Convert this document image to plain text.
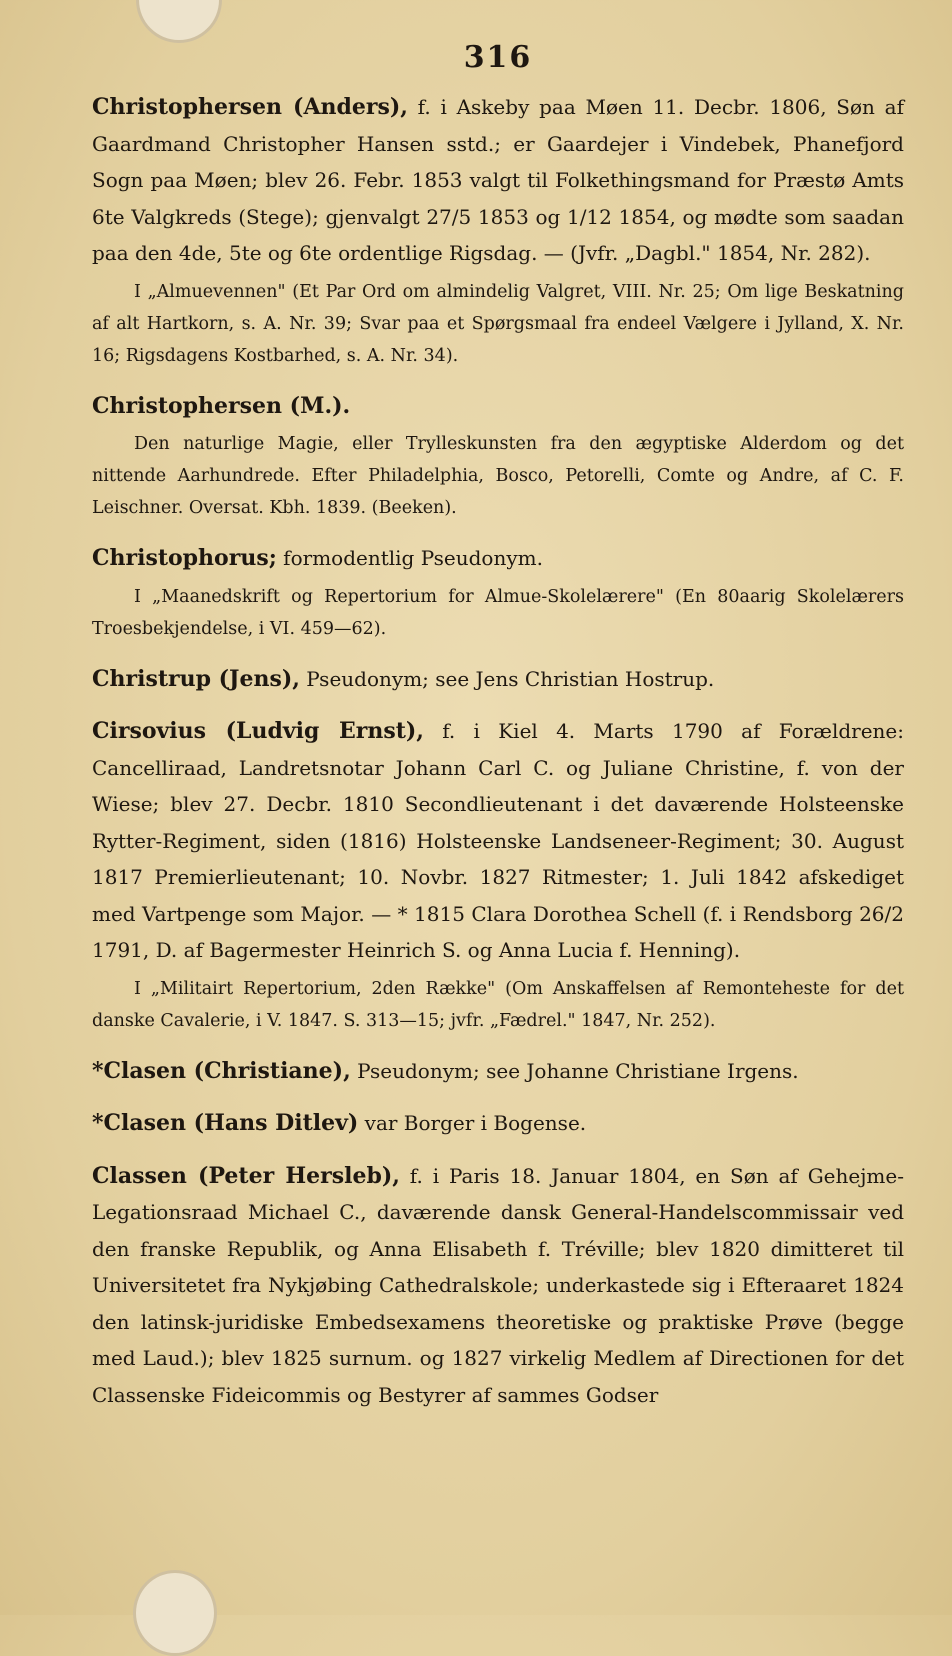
316

Christophersen (Anders), f. i Askeby paa Møen 11. Decbr. 1806, Søn af Gaardmand Christopher Hansen sstd.; er Gaardejer i Vindebek, Phanefjord Sogn paa Møen; blev 26. Febr. 1853 valgt til Folkethingsmand for Præstø Amts 6te Valgkreds (Stege); gjenvalgt 27/5 1853 og 1/12 1854, og mødte som saadan paa den 4de, 5te og 6te ordentlige Rigsdag. — (Jvfr. „Dagbl." 1854, Nr. 282).

I „Almuevennen" (Et Par Ord om almindelig Valgret, VIII. Nr. 25; Om lige Beskatning af alt Hartkorn, s. A. Nr. 39; Svar paa et Spørgsmaal fra endeel Vælgere i Jylland, X. Nr. 16; Rigsdagens Kostbarhed, s. A. Nr. 34).

Christophersen (M.).

Den naturlige Magie, eller Trylleskunsten fra den ægyptiske Alderdom og det nittende Aarhundrede. Efter Philadelphia, Bosco, Petorelli, Comte og Andre, af C. F. Leischner. Oversat. Kbh. 1839. (Beeken).

Christophorus; formodentlig Pseudonym.

I „Maanedskrift og Repertorium for Almue-Skolelærere" (En 80aarig Skolelærers Troesbekjendelse, i VI. 459—62).

Christrup (Jens), Pseudonym; see Jens Christian Hostrup.

Cirsovius (Ludvig Ernst), f. i Kiel 4. Marts 1790 af Forældrene: Cancelliraad, Landretsnotar Johann Carl C. og Juliane Christine, f. von der Wiese; blev 27. Decbr. 1810 Secondlieutenant i det daværende Holsteenske Rytter-Regiment, siden (1816) Holsteenske Landseneer-Regiment; 30. August 1817 Premierlieutenant; 10. Novbr. 1827 Ritmester; 1. Juli 1842 afskediget med Vartpenge som Major. — * 1815 Clara Dorothea Schell (f. i Rendsborg 26/2 1791, D. af Bagermester Heinrich S. og Anna Lucia f. Henning).

I „Militairt Repertorium, 2den Række" (Om Anskaffelsen af Remonteheste for det danske Cavalerie, i V. 1847. S. 313—15; jvfr. „Fædrel." 1847, Nr. 252).

*Clasen (Christiane), Pseudonym; see Johanne Christiane Irgens.

*Clasen (Hans Ditlev) var Borger i Bogense.

Classen (Peter Hersleb), f. i Paris 18. Januar 1804, en Søn af Gehejme-Legationsraad Michael C., daværende dansk General-Handelscommissair ved den franske Republik, og Anna Elisabeth f. Tréville; blev 1820 dimitteret til Universitetet fra Nykjøbing Cathedralskole; underkastede sig i Efteraaret 1824 den latinsk-juridiske Embedsexamens theoretiske og praktiske Prøve (begge med Laud.); blev 1825 surnum. og 1827 virkelig Medlem af Directionen for det Classenske Fideicommis og Bestyrer af sammes Godser
